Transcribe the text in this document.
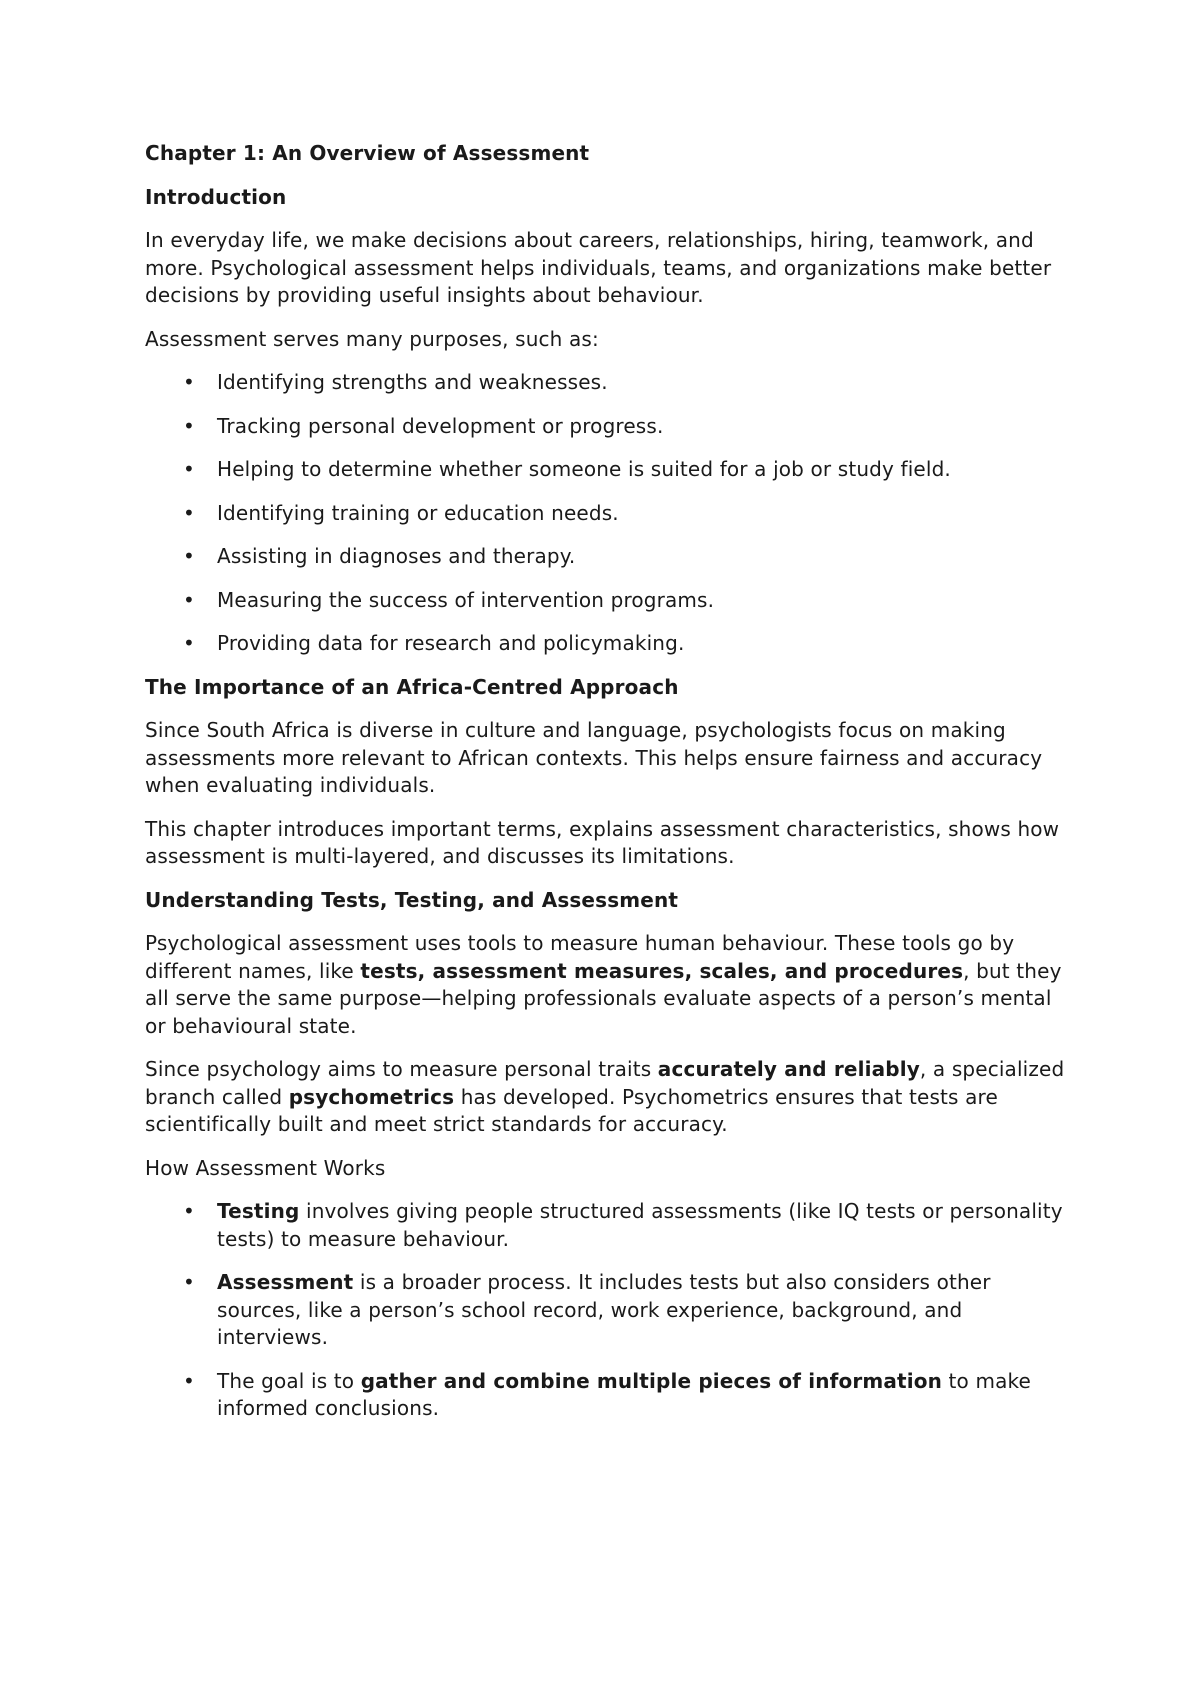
Chapter 1: An Overview of Assessment
Introduction

In everyday life, we make decisions about careers, relationships, hiring, teamwork, and more. Psychological assessment helps individuals, teams, and organizations make better decisions by providing useful insights about behaviour.

Assessment serves many purposes, such as:

• Identifying strengths and weaknesses.
• Tracking personal development or progress.
• Helping to determine whether someone is suited for a job or study field.
• Identifying training or education needs.
• Assisting in diagnoses and therapy.
• Measuring the success of intervention programs.
• Providing data for research and policymaking.
The Importance of an Africa-Centred Approach

Since South Africa is diverse in culture and language, psychologists focus on making assessments more relevant to African contexts. This helps ensure fairness and accuracy when evaluating individuals.

This chapter introduces important terms, explains assessment characteristics, shows how assessment is multi-layered, and discusses its limitations.

Understanding Tests, Testing, and Assessment

Psychological assessment uses tools to measure human behaviour. These tools go by different names, like tests, assessment measures, scales, and procedures, but they all serve the same purpose—helping professionals evaluate aspects of a person’s mental or behavioural state.

Since psychology aims to measure personal traits accurately and reliably, a specialized branch called psychometrics has developed. Psychometrics ensures that tests are scientifically built and meet strict standards for accuracy.

How Assessment Works

• Testing involves giving people structured assessments (like IQ tests or personality tests) to measure behaviour.
• Assessment is a broader process. It includes tests but also considers other sources, like a person’s school record, work experience, background, and interviews.
• The goal is to gather and combine multiple pieces of information to make informed conclusions.
